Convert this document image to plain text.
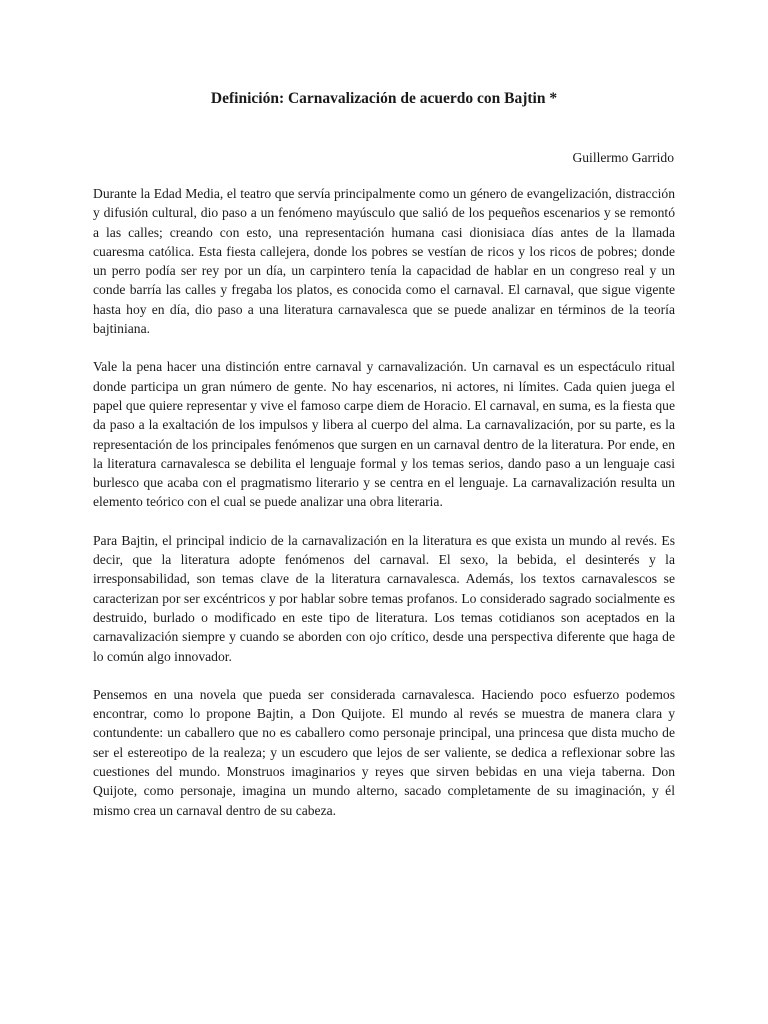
Definición: Carnavalización de acuerdo con Bajtin *

Guillermo Garrido

Durante la Edad Media, el teatro que servía principalmente como un género de evangelización, distracción y difusión cultural, dio paso a un fenómeno mayúsculo que salió de los pequeños escenarios y se remontó a las calles; creando con esto, una representación humana casi dionisiaca días antes de la llamada cuaresma católica. Esta fiesta callejera, donde los pobres se vestían de ricos y los ricos de pobres; donde un perro podía ser rey por un día, un carpintero tenía la capacidad de hablar en un congreso real y un conde barría las calles y fregaba los platos, es conocida como el carnaval. El carnaval, que sigue vigente hasta hoy en día, dio paso a una literatura carnavalesca que se puede analizar en términos de la teoría bajtiniana.

Vale la pena hacer una distinción entre carnaval y carnavalización. Un carnaval es un espectáculo ritual donde participa un gran número de gente. No hay escenarios, ni actores, ni límites. Cada quien juega el papel que quiere representar y vive el famoso carpe diem de Horacio. El carnaval, en suma, es la fiesta que da paso a la exaltación de los impulsos y libera al cuerpo del alma. La carnavalización, por su parte, es la representación de los principales fenómenos que surgen en un carnaval dentro de la literatura. Por ende, en la literatura carnavalesca se debilita el lenguaje formal y los temas serios, dando paso a un lenguaje casi burlesco que acaba con el pragmatismo literario y se centra en el lenguaje. La carnavalización resulta un elemento teórico con el cual se puede analizar una obra literaria.

Para Bajtin, el principal indicio de la carnavalización en la literatura es que exista un mundo al revés. Es decir, que la literatura adopte fenómenos del carnaval. El sexo, la bebida, el desinterés y la irresponsabilidad, son temas clave de la literatura carnavalesca. Además, los textos carnavalescos se caracterizan por ser excéntricos y por hablar sobre temas profanos. Lo considerado sagrado socialmente es destruido, burlado o modificado en este tipo de literatura. Los temas cotidianos son aceptados en la carnavalización siempre y cuando se aborden con ojo crítico, desde una perspectiva diferente que haga de lo común algo innovador.

Pensemos en una novela que pueda ser considerada carnavalesca. Haciendo poco esfuerzo podemos encontrar, como lo propone Bajtin, a Don Quijote. El mundo al revés se muestra de manera clara y contundente: un caballero que no es caballero como personaje principal, una princesa que dista mucho de ser el estereotipo de la realeza; y un escudero que lejos de ser valiente, se dedica a reflexionar sobre las cuestiones del mundo. Monstruos imaginarios y reyes que sirven bebidas en una vieja taberna. Don Quijote, como personaje, imagina un mundo alterno, sacado completamente de su imaginación, y él mismo crea un carnaval dentro de su cabeza.
